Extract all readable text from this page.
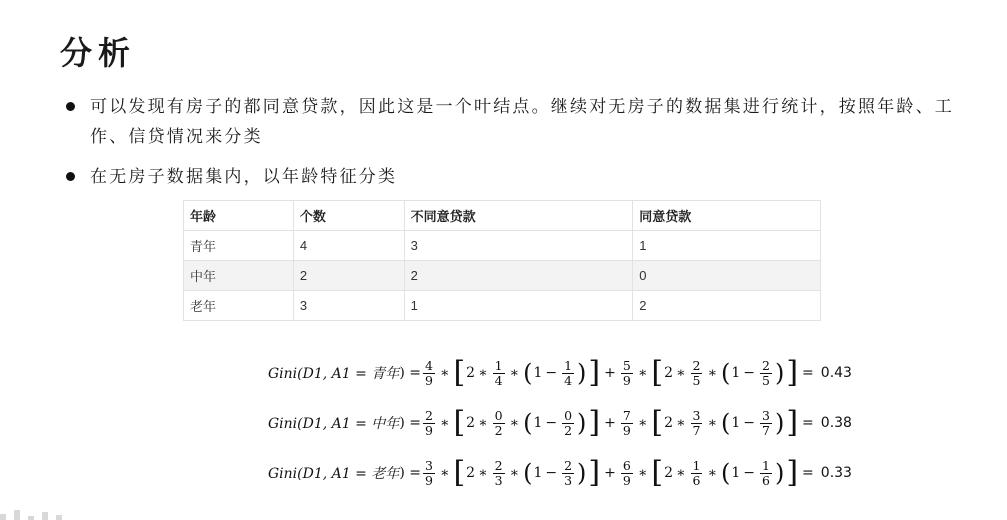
分析
可以发现有房子的都同意贷款，因此这是一个叶结点。继续对无房子的数据集进行统计，按照年龄、工作、信贷情况来分类
在无房子数据集内，以年龄特征分类
年龄	个数	不同意贷款	同意贷款
青年	4	3	1
中年	2	2	0
老年	3	1	2
Gini(D1, A1 = 青年 ) = $\frac{4}{9}$ ∗ [ 2 ∗ $\frac{1}{4}$ ∗ ( $1 - \frac{1}{4}$ ) ] + $\frac{5}{9}$ ∗ [ 2 ∗ $\frac{2}{5}$ ∗ ( $1 - \frac{2}{5}$ ) ] = 0.43
Gini(D1, A1 = 中年 ) = $\frac{2}{9}$ ∗ [ 2 ∗ $\frac{0}{2}$ ∗ ( $1 - \frac{0}{2}$ ) ] + $\frac{7}{9}$ ∗ [ 2 ∗ $\frac{3}{7}$ ∗ ( $1 - \frac{3}{7}$ ) ] = 0.38
Gini(D1, A1 = 老年 ) = $\frac{3}{9}$ ∗ [ 2 ∗ $\frac{2}{3}$ ∗ ( $1 - \frac{2}{3}$ ) ] + $\frac{6}{9}$ ∗ [ 2 ∗ $\frac{1}{6}$ ∗ ( $1 - \frac{1}{6}$ ) ] = 0.33
